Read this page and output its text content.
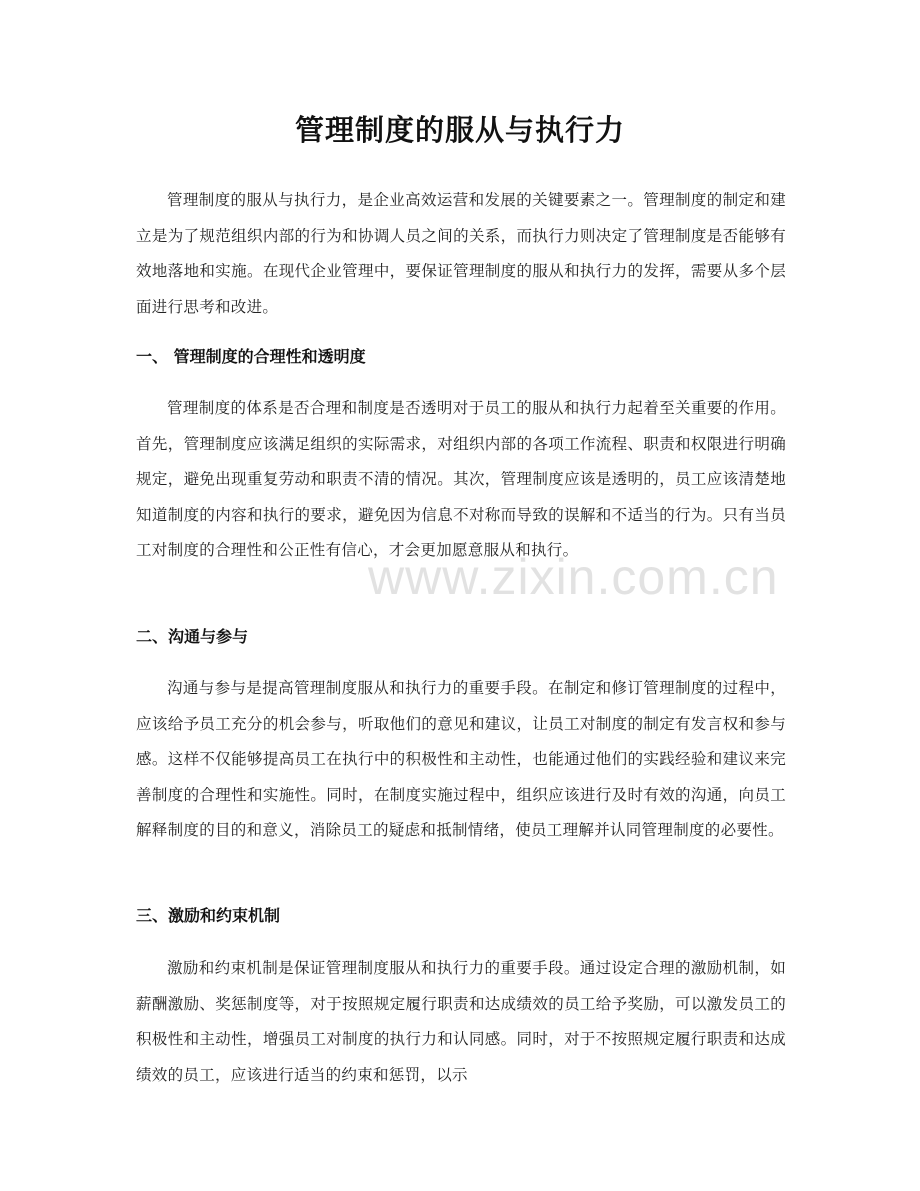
管理制度的服从与执行力

管理制度的服从与执行力，是企业高效运营和发展的关键要素之一。管理制度的制定和建立是为了规范组织内部的行为和协调人员之间的关系，而执行力则决定了管理制度是否能够有效地落地和实施。在现代企业管理中，要保证管理制度的服从和执行力的发挥，需要从多个层面进行思考和改进。

一、 管理制度的合理性和透明度

管理制度的体系是否合理和制度是否透明对于员工的服从和执行力起着至关重要的作用。首先，管理制度应该满足组织的实际需求，对组织内部的各项工作流程、职责和权限进行明确规定，避免出现重复劳动和职责不清的情况。其次，管理制度应该是透明的，员工应该清楚地知道制度的内容和执行的要求，避免因为信息不对称而导致的误解和不适当的行为。只有当员工对制度的合理性和公正性有信心，才会更加愿意服从和执行。

二、沟通与参与

沟通与参与是提高管理制度服从和执行力的重要手段。在制定和修订管理制度的过程中，应该给予员工充分的机会参与，听取他们的意见和建议，让员工对制度的制定有发言权和参与感。这样不仅能够提高员工在执行中的积极性和主动性，也能通过他们的实践经验和建议来完善制度的合理性和实施性。同时，在制度实施过程中，组织应该进行及时有效的沟通，向员工解释制度的目的和意义，消除员工的疑虑和抵制情绪，使员工理解并认同管理制度的必要性。

三、激励和约束机制

激励和约束机制是保证管理制度服从和执行力的重要手段。通过设定合理的激励机制，如薪酬激励、奖惩制度等，对于按照规定履行职责和达成绩效的员工给予奖励，可以激发员工的积极性和主动性，增强员工对制度的执行力和认同感。同时，对于不按照规定履行职责和达成绩效的员工，应该进行适当的约束和惩罚，以示

www.zixin.com.cn
